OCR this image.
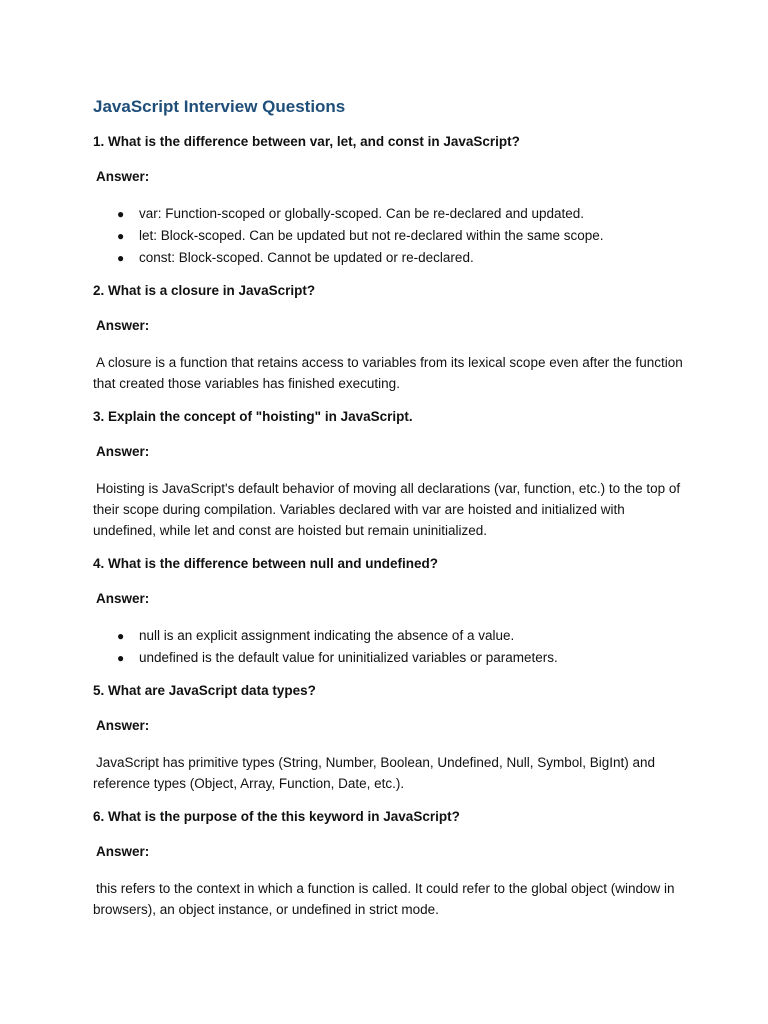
JavaScript Interview Questions
1. What is the difference between var, let, and const in JavaScript?
Answer:
● var: Function-scoped or globally-scoped. Can be re-declared and updated.
● let: Block-scoped. Can be updated but not re-declared within the same scope.
● const: Block-scoped. Cannot be updated or re-declared.
2. What is a closure in JavaScript?
Answer:

A closure is a function that retains access to variables from its lexical scope even after the function that created those variables has finished executing.

3. Explain the concept of "hoisting" in JavaScript.
Answer:

Hoisting is JavaScript's default behavior of moving all declarations (var, function, etc.) to the top of their scope during compilation. Variables declared with var are hoisted and initialized with undefined, while let and const are hoisted but remain uninitialized.

4. What is the difference between null and undefined?
Answer:
● null is an explicit assignment indicating the absence of a value.
● undefined is the default value for uninitialized variables or parameters.
5. What are JavaScript data types?
Answer:

JavaScript has primitive types (String, Number, Boolean, Undefined, Null, Symbol, BigInt) and reference types (Object, Array, Function, Date, etc.).

6. What is the purpose of the this keyword in JavaScript?
Answer:

this refers to the context in which a function is called. It could refer to the global object (window in browsers), an object instance, or undefined in strict mode.
